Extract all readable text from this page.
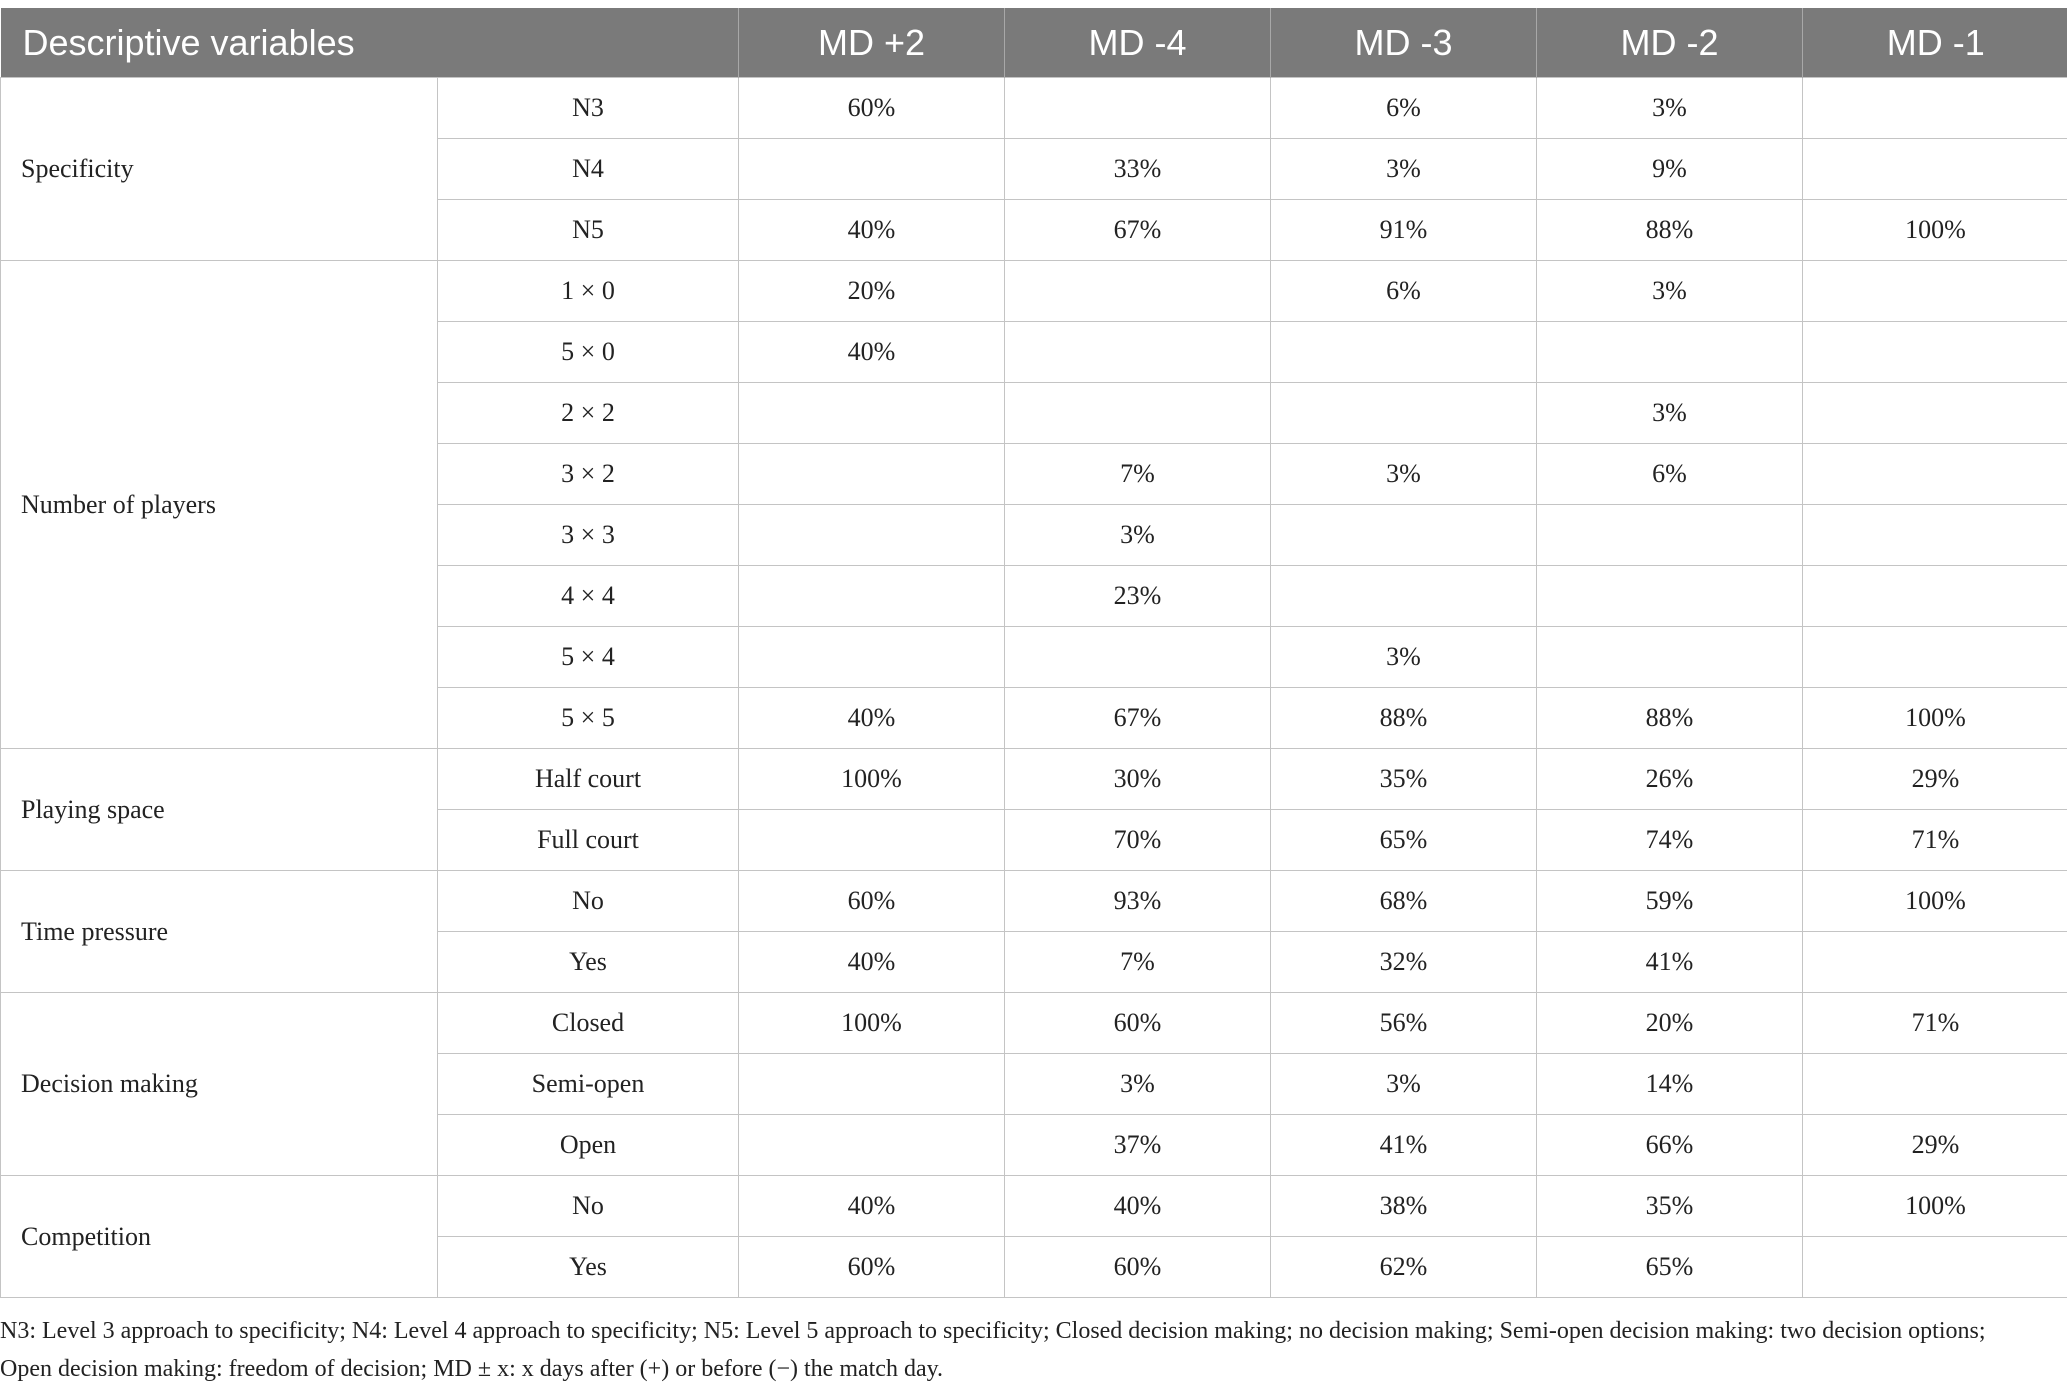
Descriptive variables		MD +2	MD -4	MD -3	MD -2	MD -1
Specificity	N3	60%		6%	3%	
	N4		33%	3%	9%	
	N5	40%	67%	91%	88%	100%
Number of players	1 × 0	20%		6%	3%	
	5 × 0	40%				
	2 × 2				3%	
	3 × 2		7%	3%	6%	
	3 × 3		3%			
	4 × 4		23%			
	5 × 4			3%		
	5 × 5	40%	67%	88%	88%	100%
Playing space	Half court	100%	30%	35%	26%	29%
	Full court		70%	65%	74%	71%
Time pressure	No	60%	93%	68%	59%	100%
	Yes	40%	7%	32%	41%	
Decision making	Closed	100%	60%	56%	20%	71%
	Semi-open		3%	3%	14%	
	Open		37%	41%	66%	29%
Competition	No	40%	40%	38%	35%	100%
	Yes	60%	60%	62%	65%	
N3: Level 3 approach to specificity; N4: Level 4 approach to specificity; N5: Level 5 approach to specificity; Closed decision making; no decision making; Semi-open decision making: two decision options; Open decision making: freedom of decision; MD ± x: x days after (+) or before (−) the match day.
